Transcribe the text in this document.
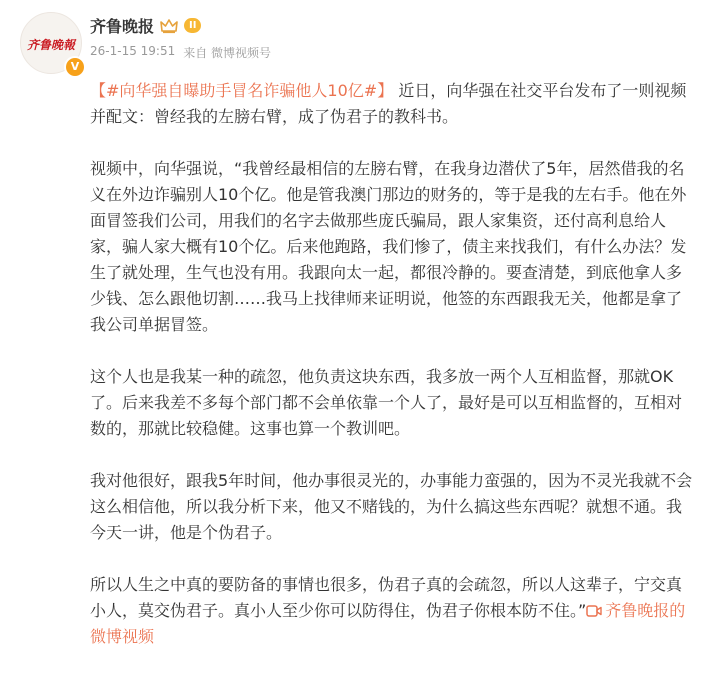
齐鲁晚報
V
齐鲁晚报	II
26-1-15 19:51 来自 微博视频号

【#向华强自曝助手冒名诈骗他人10亿#】 近日，向华强在社交平台发布了一则视频并配文：曾经我的左膀右臂，成了伪君子的教科书。

视频中，向华强说，“我曾经最相信的左膀右臂，在我身边潜伏了5年，居然借我的名义在外边诈骗别人10个亿。他是管我澳门那边的财务的，等于是我的左右手。他在外面冒签我们公司，用我们的名字去做那些庞氏骗局，跟人家集资，还付高利息给人家，骗人家大概有10个亿。后来他跑路，我们惨了，债主来找我们，有什么办法？发生了就处理，生气也没有用。我跟向太一起，都很冷静的。要查清楚，到底他拿人多少钱、怎么跟他切割……我马上找律师来证明说，他签的东西跟我无关，他都是拿了我公司单据冒签。

这个人也是我某一种的疏忽，他负责这块东西，我多放一两个人互相监督，那就OK了。后来我差不多每个部门都不会单依靠一个人了，最好是可以互相监督的，互相对数的，那就比较稳健。这事也算一个教训吧。

我对他很好，跟我5年时间，他办事很灵光的，办事能力蛮强的，因为不灵光我就不会这么相信他，所以我分析下来，他又不赌钱的，为什么搞这些东西呢？就想不通。我今天一讲，他是个伪君子。

所以人生之中真的要防备的事情也很多，伪君子真的会疏忽，所以人这辈子，宁交真小人，莫交伪君子。真小人至少你可以防得住，伪君子你根本防不住。” 齐鲁晚报的微博视频
